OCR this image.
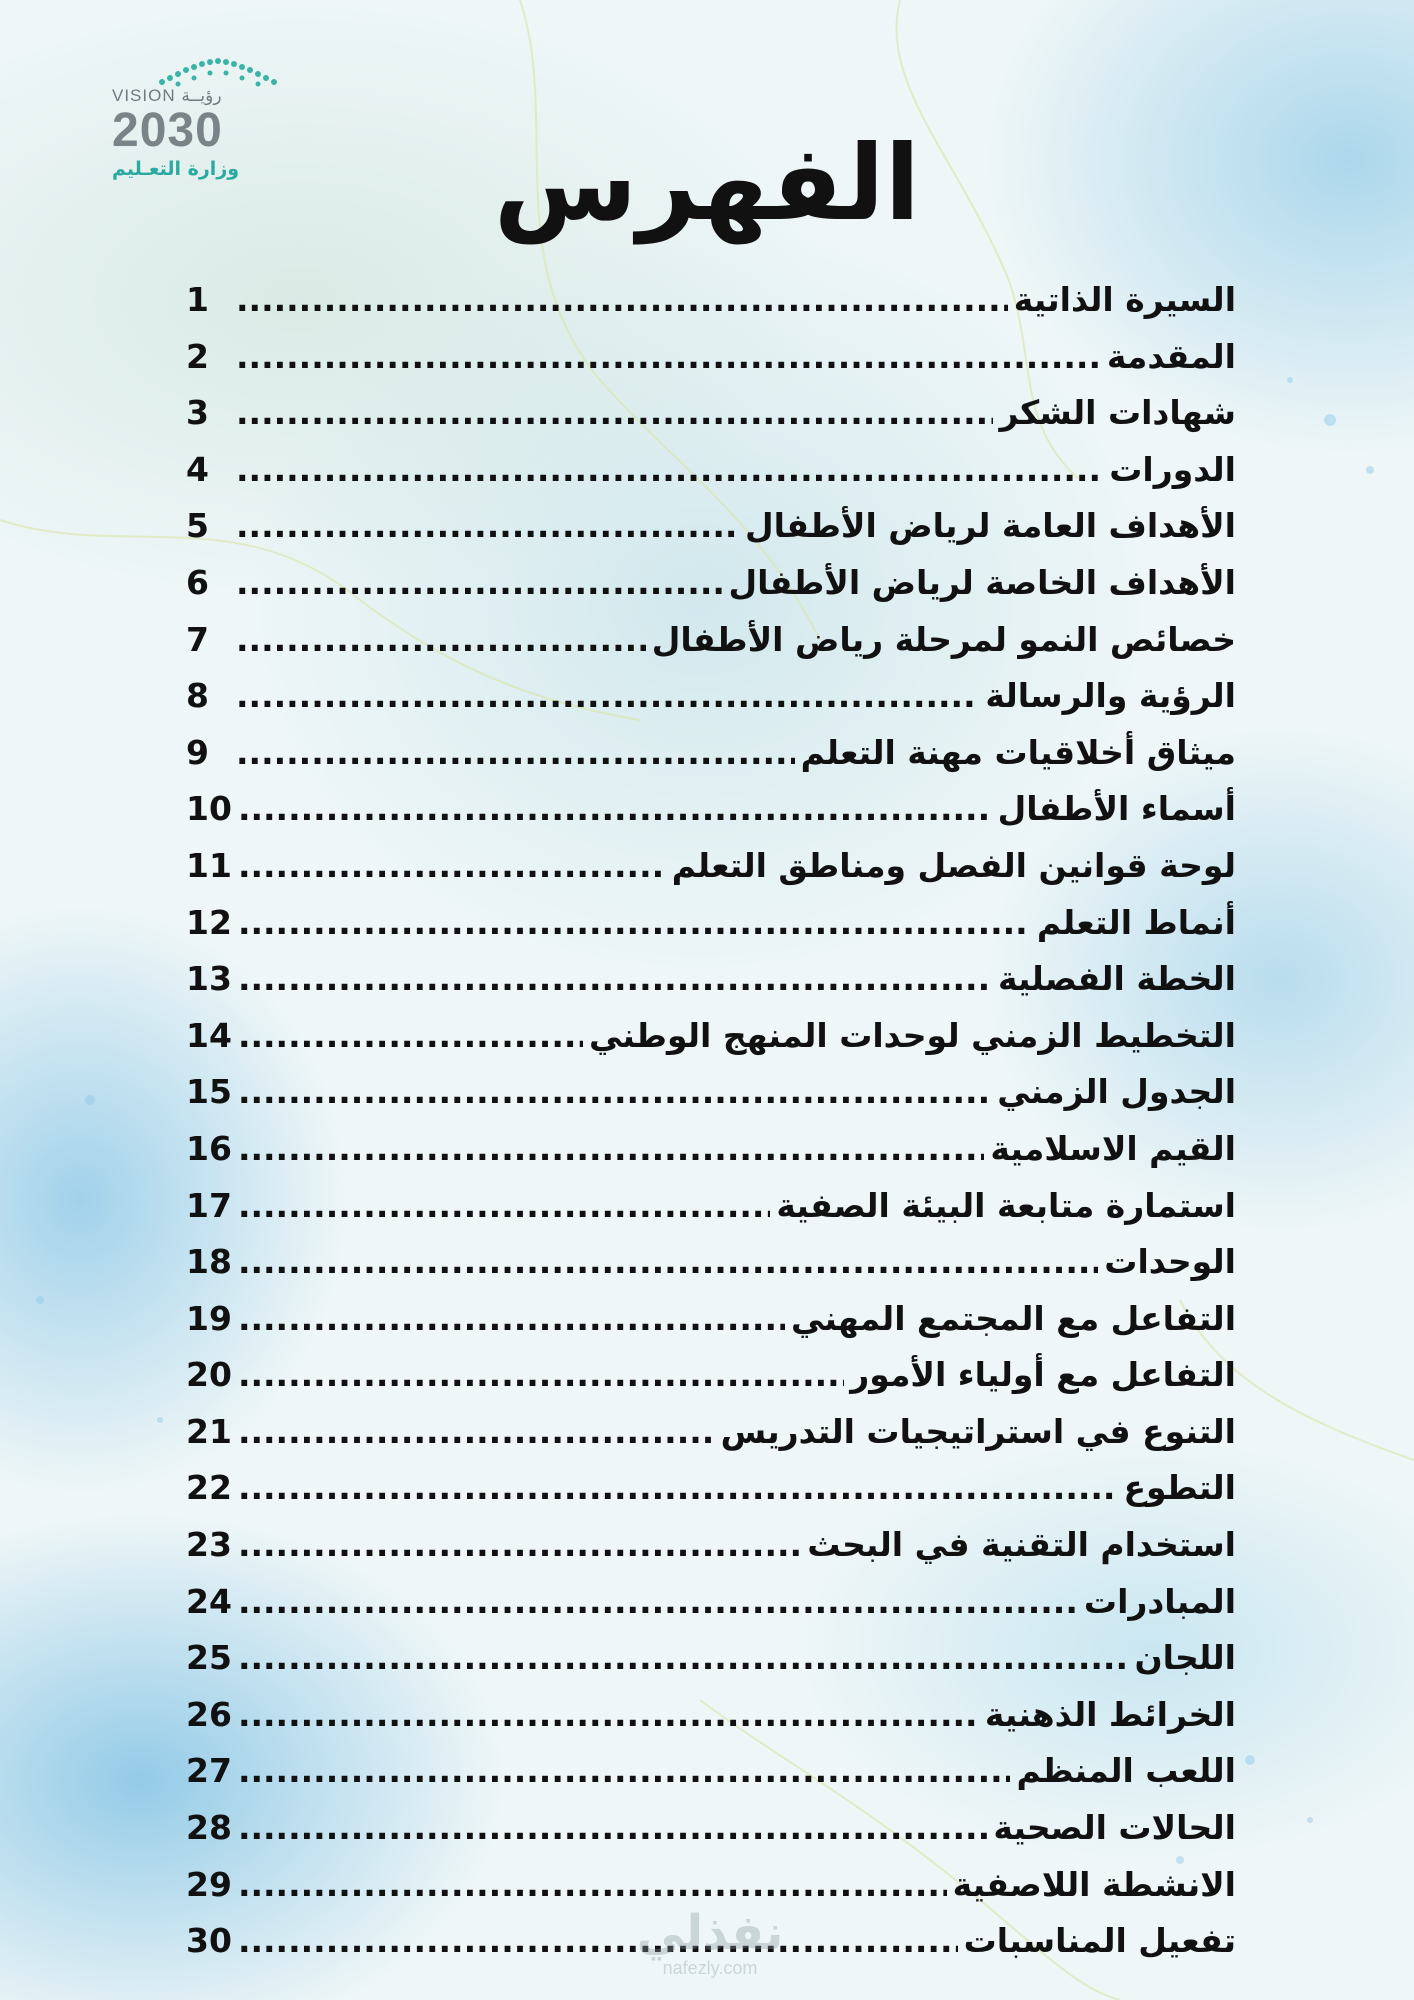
VISION رؤيــة
2030
وزارة التعـليم	الفهرس
السيرة الذاتية
.....
1
المقدمة
.....
2
شهادات الشكر
.....
3
الدورات
.....
4
الأهداف العامة لرياض الأطفال
.....
5
الأهداف الخاصة لرياض الأطفال
.....
6
خصائص النمو لمرحلة رياض الأطفال
.....
7
الرؤية والرسالة
.....
8
ميثاق أخلاقيات مهنة التعلم
.....
9
أسماء الأطفال
.....
10
لوحة قوانين الفصل ومناطق التعلم
.....
11
أنماط التعلم
.....
12
الخطة الفصلية
.....
13
التخطيط الزمني لوحدات المنهج الوطني
.....
14
الجدول الزمني
.....
15
القيم الاسلامية
.....
16
استمارة متابعة البيئة الصفية
.....
17
الوحدات
.....
18
التفاعل مع المجتمع المهني
.....
19
التفاعل مع أولياء الأمور
.....
20
التنوع في استراتيجيات التدريس
.....
21
التطوع
.....
22
استخدام التقنية في البحث
.....
23
المبادرات
.....
24
اللجان
.....
25
الخرائط الذهنية
.....
26
اللعب المنظم
.....
27
الحالات الصحية
.....
28
الانشطة اللاصفية
.....
29
تفعيل المناسبات
.....
30	نفذلي
nafezly.com
